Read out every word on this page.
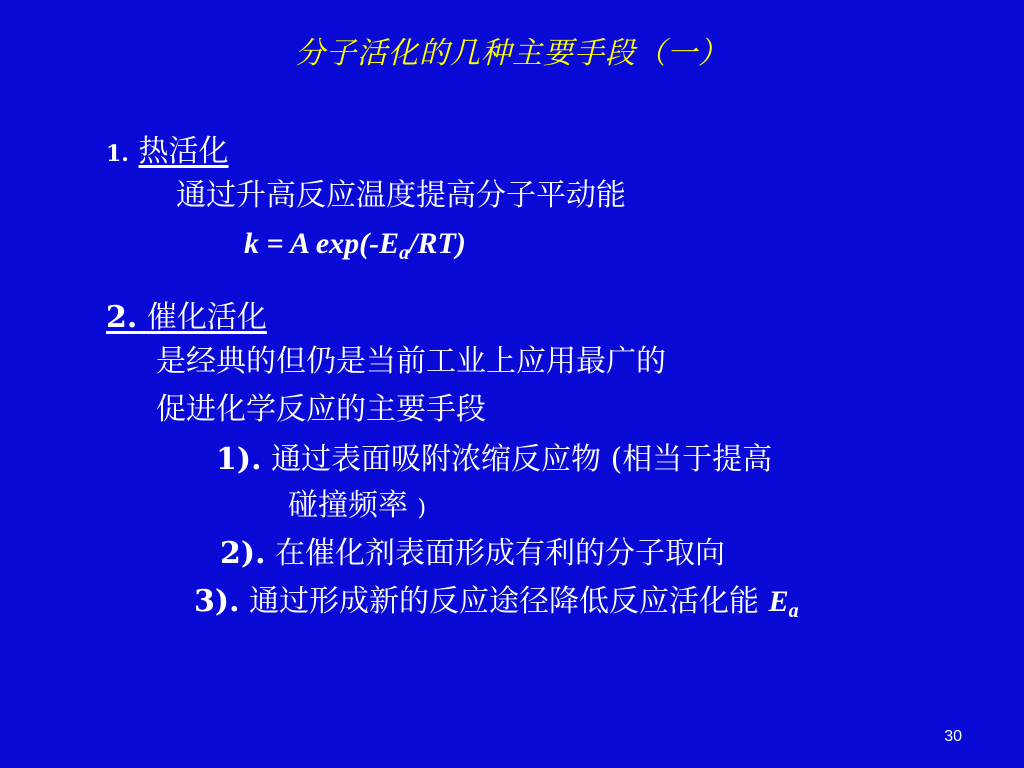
分子活化的几种主要手段（一）
1. 热活化
通过升高反应温度提高分子平动能
k = A $\exp(-E_a/RT)$
2. 催化活化
是经典的但仍是当前工业上应用最广的
促进化学反应的主要手段
1). 通过表面吸附浓缩反应物 (相当于提高
碰撞频率 )
2). 在催化剂表面形成有利的分子取向
3). 通过形成新的反应途径降低反应活化能 $E_a$
30
